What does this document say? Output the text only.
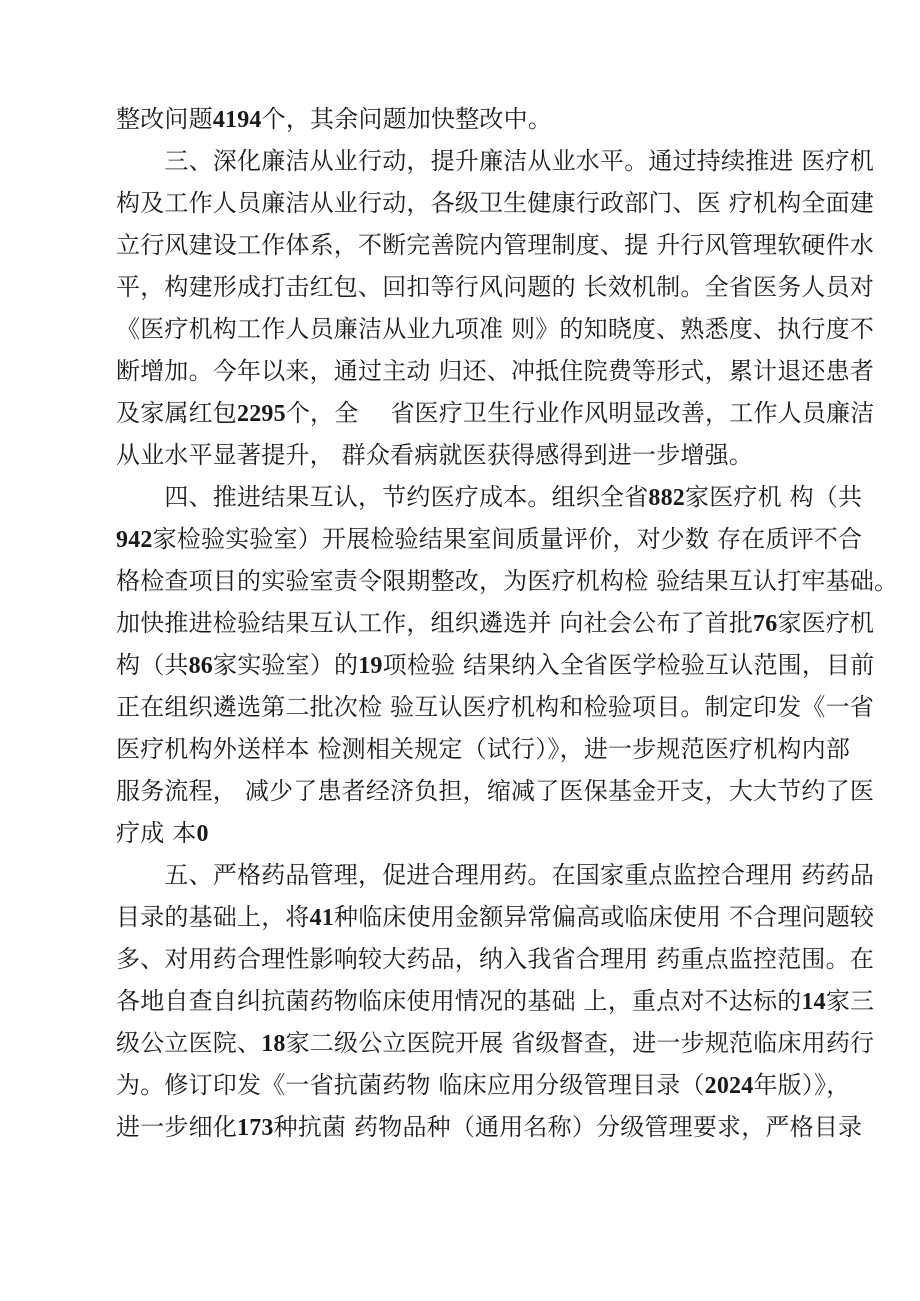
整改问题4194个，其余问题加快整改中。
　　三、深化廉洁从业行动，提升廉洁从业水平。通过持续推进 医疗机
构及工作人员廉洁从业行动，各级卫生健康行政部门、医 疗机构全面建
立行风建设工作体系，不断完善院内管理制度、提 升行风管理软硬件水
平，构建形成打击红包、回扣等行风问题的 长效机制。全省医务人员对
《医疗机构工作人员廉洁从业九项准 则》的知晓度、熟悉度、执行度不
断增加。今年以来，通过主动 归还、冲抵住院费等形式，累计退还患者
及家属红包2295个，全　 省医疗卫生行业作风明显改善，工作人员廉洁
从业水平显著提升， 群众看病就医获得感得到进一步增强。
　　四、推进结果互认，节约医疗成本。组织全省882家医疗机 构（共
942家检验实验室）开展检验结果室间质量评价，对少数 存在质评不合
格检查项目的实验室责令限期整改，为医疗机构检 验结果互认打牢基础。
加快推进检验结果互认工作，组织遴选并 向社会公布了首批76家医疗机
构（共86家实验室）的19项检验 结果纳入全省医学检验互认范围，目前
正在组织遴选第二批次检 验互认医疗机构和检验项目。制定印发《一省
医疗机构外送样本 检测相关规定（试行）》，进一步规范医疗机构内部
服务流程， 减少了患者经济负担，缩减了医保基金开支，大大节约了医
疗成 本0
　　五、严格药品管理，促进合理用药。在国家重点监控合理用 药药品
目录的基础上，将41种临床使用金额异常偏高或临床使用 不合理问题较
多、对用药合理性影响较大药品，纳入我省合理用 药重点监控范围。在
各地自查自纠抗菌药物临床使用情况的基础 上，重点对不达标的14家三
级公立医院、18家二级公立医院开展 省级督查，进一步规范临床用药行
为。修订印发《一省抗菌药物 临床应用分级管理目录（2024年版）》，
进一步细化173种抗菌 药物品种（通用名称）分级管理要求，严格目录
